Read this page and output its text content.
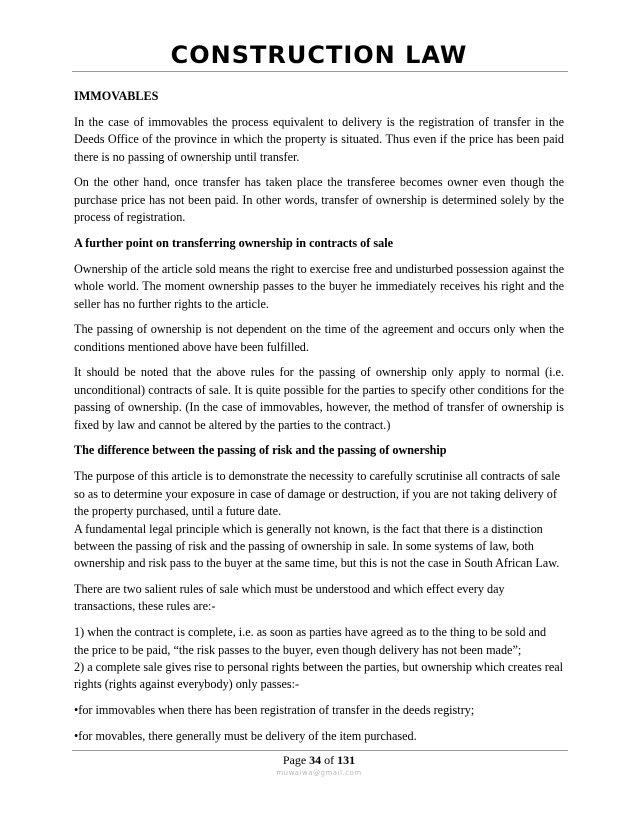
CONSTRUCTION LAW
IMMOVABLES

In the case of immovables the process equivalent to delivery is the registration of transfer in the Deeds Office of the province in which the property is situated. Thus even if the price has been paid there is no passing of ownership until transfer.

On the other hand, once transfer has taken place the transferee becomes owner even though the purchase price has not been paid. In other words, transfer of ownership is determined solely by the process of registration.

A further point on transferring ownership in contracts of sale

Ownership of the article sold means the right to exercise free and undisturbed possession against the whole world. The moment ownership passes to the buyer he immediately receives his right and the seller has no further rights to the article.

The passing of ownership is not dependent on the time of the agreement and occurs only when the conditions mentioned above have been fulfilled.

It should be noted that the above rules for the passing of ownership only apply to normal (i.e. unconditional) contracts of sale. It is quite possible for the parties to specify other conditions for the passing of ownership. (In the case of immovables, however, the method of transfer of ownership is fixed by law and cannot be altered by the parties to the contract.)

The difference between the passing of risk and the passing of ownership

The purpose of this article is to demonstrate the necessity to carefully scrutinise all contracts of sale so as to determine your exposure in case of damage or destruction, if you are not taking delivery of the property purchased, until a future date.

A fundamental legal principle which is generally not known, is the fact that there is a distinction between the passing of risk and the passing of ownership in sale. In some systems of law, both ownership and risk pass to the buyer at the same time, but this is not the case in South African Law.

There are two salient rules of sale which must be understood and which effect every day transactions, these rules are:-

1) when the contract is complete, i.e. as soon as parties have agreed as to the thing to be sold and the price to be paid, “the risk passes to the buyer, even though delivery has not been made”;

2) a complete sale gives rise to personal rights between the parties, but ownership which creates real rights (rights against everybody) only passes:-

•for immovables when there has been registration of transfer in the deeds registry;

•for movables, there generally must be delivery of the item purchased.

Page 34 of 131
muwaiwa@gmail.com
